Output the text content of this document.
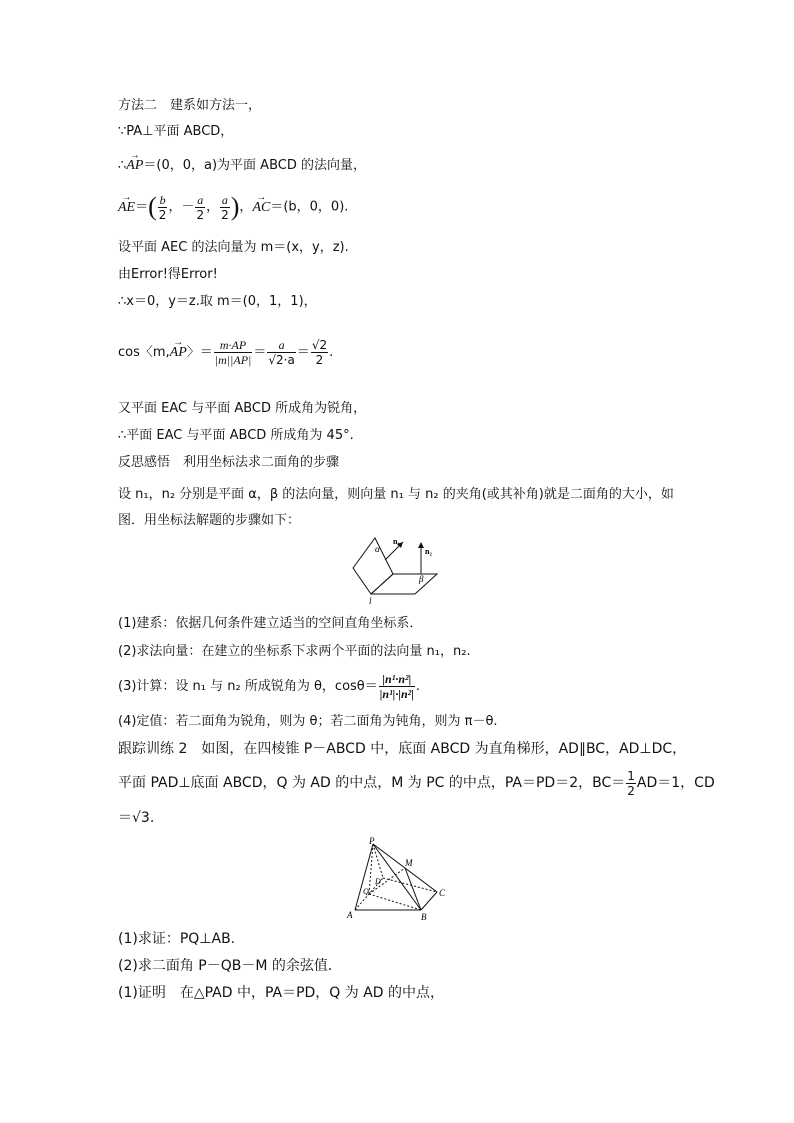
方法二　建系如方法一，
∵PA⊥平面 ABCD，
∴→ AP＝(0，0，a)为平面 ABCD 的法向量，
→ $AE=( \frac{b}{2}$ ，－ $\frac{a}{2}$ ， $\frac{a}{2}$ )，→ AC＝(b，0，0).
设平面 AEC 的法向量为 m＝(x，y，z).
由Error!得Error!
∴x＝0，y＝z.取 m＝(0，1，1)，
cos〈m,→ AP〉＝ $\frac{m\cdot AP}{|m||AP|} = \frac{a}{√2\cdot a} = \frac{√2}{2}$ .
又平面 EAC 与平面 ABCD 所成角为锐角，
∴平面 EAC 与平面 ABCD 所成角为 45°.
反思感悟　利用坐标法求二面角的步骤
设 n₁，n₂ 分别是平面 α，β 的法向量，则向量 n₁ 与 n₂ 的夹角(或其补角)就是二面角的大小，如图．用坐标法解题的步骤如下：
α
β
n₁
n₂
l
(1)建系：依据几何条件建立适当的空间直角坐标系．
(2)求法向量：在建立的坐标系下求两个平面的法向量 n₁，n₂.
(3)计算：设 n₁ 与 n₂ 所成锐角为 θ，$\cos\theta= \frac{\text{|n¹·n²|}}{\text{|n¹|·|n²|}}$ .
(4)定值：若二面角为锐角，则为 θ；若二面角为钝角，则为 π－θ.
跟踪训练 2　如图，在四棱锥 P－ABCD 中，底面 ABCD 为直角梯形，AD∥BC，AD⊥DC，
平面 PAD⊥底面 ABCD，Q 为 AD 的中点，M 为 PC 的中点，PA＝PD＝2，$BC= \frac{1}{2} AD=1$，CD
＝√3.
P
M
D
Q	C
A	B
(1)求证：PQ⊥AB.
(2)求二面角 P－QB－M 的余弦值．
(1)证明　在△PAD 中，PA＝PD，Q 为 AD 的中点，
